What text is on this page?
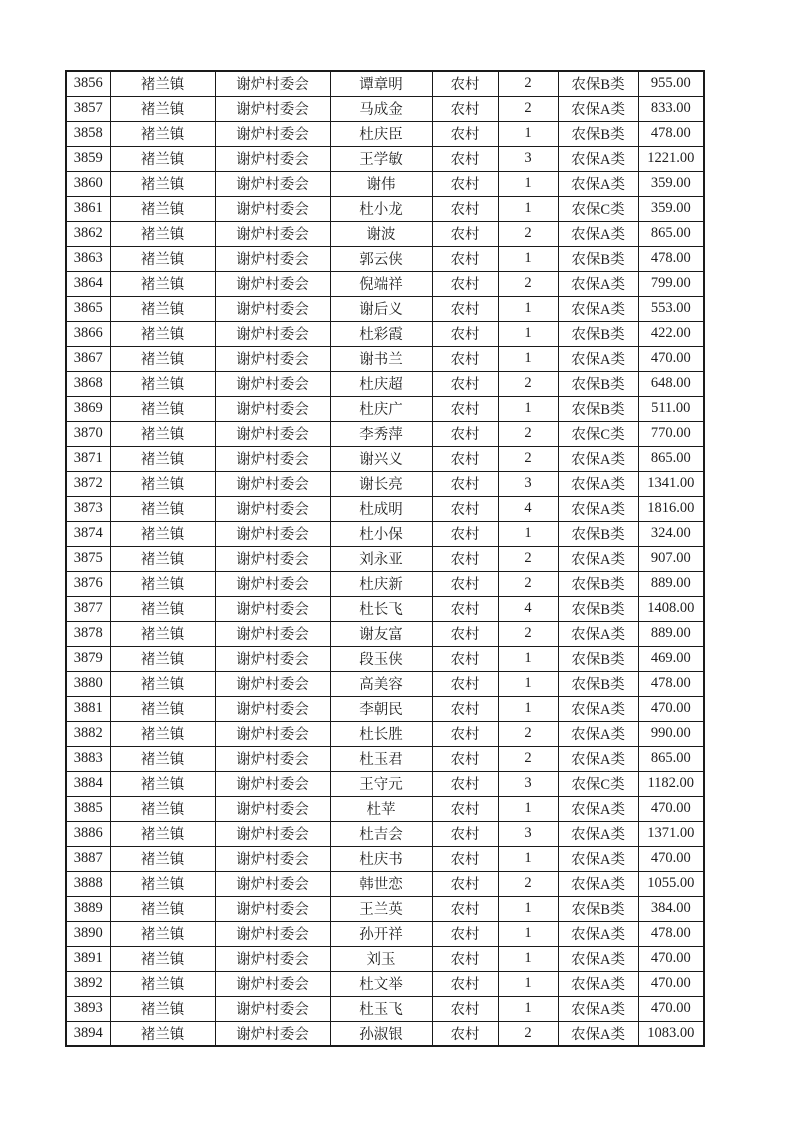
3856	褚兰镇	谢炉村委会	谭章明	农村	2	农保B类	955.00
3857	褚兰镇	谢炉村委会	马成金	农村	2	农保A类	833.00
3858	褚兰镇	谢炉村委会	杜庆臣	农村	1	农保B类	478.00
3859	褚兰镇	谢炉村委会	王学敏	农村	3	农保A类	1221.00
3860	褚兰镇	谢炉村委会	谢伟	农村	1	农保A类	359.00
3861	褚兰镇	谢炉村委会	杜小龙	农村	1	农保C类	359.00
3862	褚兰镇	谢炉村委会	谢波	农村	2	农保A类	865.00
3863	褚兰镇	谢炉村委会	郭云侠	农村	1	农保B类	478.00
3864	褚兰镇	谢炉村委会	倪端祥	农村	2	农保A类	799.00
3865	褚兰镇	谢炉村委会	谢后义	农村	1	农保A类	553.00
3866	褚兰镇	谢炉村委会	杜彩霞	农村	1	农保B类	422.00
3867	褚兰镇	谢炉村委会	谢书兰	农村	1	农保A类	470.00
3868	褚兰镇	谢炉村委会	杜庆超	农村	2	农保B类	648.00
3869	褚兰镇	谢炉村委会	杜庆广	农村	1	农保B类	511.00
3870	褚兰镇	谢炉村委会	李秀萍	农村	2	农保C类	770.00
3871	褚兰镇	谢炉村委会	谢兴义	农村	2	农保A类	865.00
3872	褚兰镇	谢炉村委会	谢长亮	农村	3	农保A类	1341.00
3873	褚兰镇	谢炉村委会	杜成明	农村	4	农保A类	1816.00
3874	褚兰镇	谢炉村委会	杜小保	农村	1	农保B类	324.00
3875	褚兰镇	谢炉村委会	刘永亚	农村	2	农保A类	907.00
3876	褚兰镇	谢炉村委会	杜庆新	农村	2	农保B类	889.00
3877	褚兰镇	谢炉村委会	杜长飞	农村	4	农保B类	1408.00
3878	褚兰镇	谢炉村委会	谢友富	农村	2	农保A类	889.00
3879	褚兰镇	谢炉村委会	段玉侠	农村	1	农保B类	469.00
3880	褚兰镇	谢炉村委会	高美容	农村	1	农保B类	478.00
3881	褚兰镇	谢炉村委会	李朝民	农村	1	农保A类	470.00
3882	褚兰镇	谢炉村委会	杜长胜	农村	2	农保A类	990.00
3883	褚兰镇	谢炉村委会	杜玉君	农村	2	农保A类	865.00
3884	褚兰镇	谢炉村委会	王守元	农村	3	农保C类	1182.00
3885	褚兰镇	谢炉村委会	杜苹	农村	1	农保A类	470.00
3886	褚兰镇	谢炉村委会	杜吉会	农村	3	农保A类	1371.00
3887	褚兰镇	谢炉村委会	杜庆书	农村	1	农保A类	470.00
3888	褚兰镇	谢炉村委会	韩世恋	农村	2	农保A类	1055.00
3889	褚兰镇	谢炉村委会	王兰英	农村	1	农保B类	384.00
3890	褚兰镇	谢炉村委会	孙开祥	农村	1	农保A类	478.00
3891	褚兰镇	谢炉村委会	刘玉	农村	1	农保A类	470.00
3892	褚兰镇	谢炉村委会	杜文举	农村	1	农保A类	470.00
3893	褚兰镇	谢炉村委会	杜玉飞	农村	1	农保A类	470.00
3894	褚兰镇	谢炉村委会	孙淑银	农村	2	农保A类	1083.00
